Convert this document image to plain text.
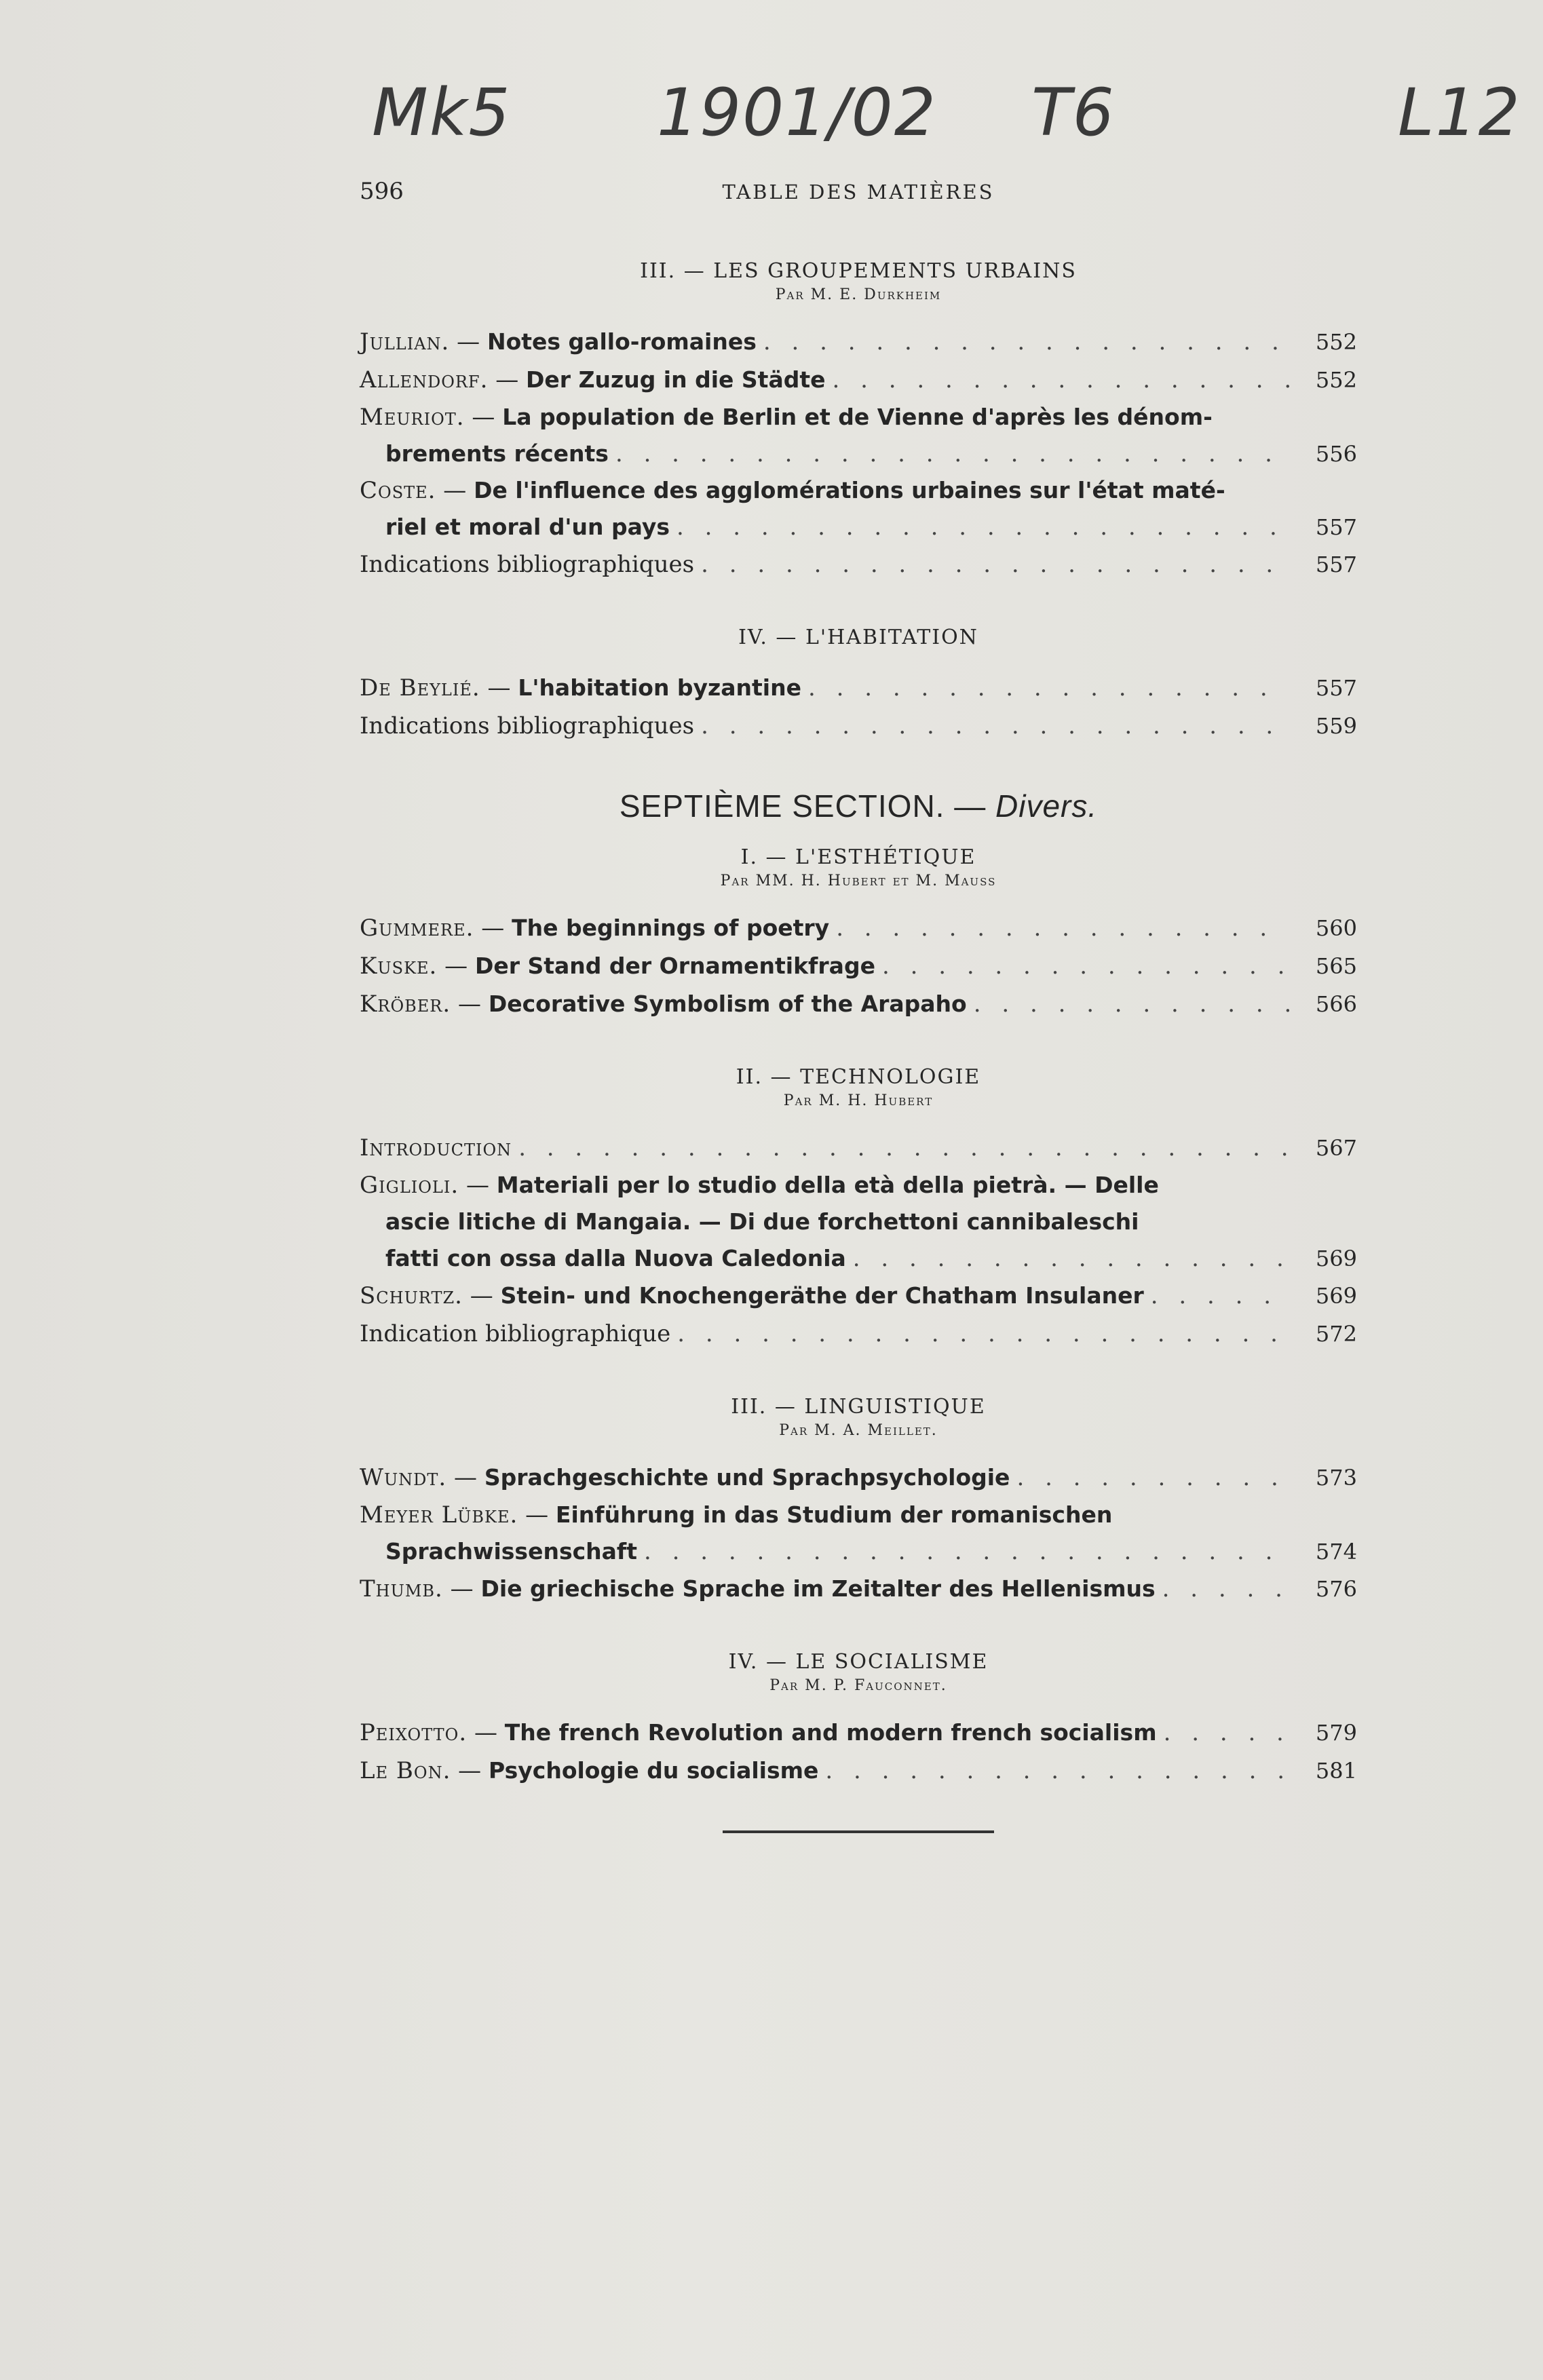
Mk5 1901/02 T6	L12
596	TABLE DES MATIÈRES
III. — LES GROUPEMENTS URBAINS
Par M. E. Durkheim
Jullian. — Notes gallo-romaines . . .	552
Allendorf. — Der Zuzug in die Städte . . .	552
Meuriot. — La population de Berlin et de Vienne d'après les dénom-
brements récents . . .	556
Coste. — De l'influence des agglomérations urbaines sur l'état maté-
riel et moral d'un pays . . .	557
Indications bibliographiques . . .	557
IV. — L'HABITATION
De Beylié. — L'habitation byzantine . . .	557
Indications bibliographiques . . .	559
SEPTIÈME SECTION. — Divers.
I. — L'ESTHÉTIQUE
Par MM. H. Hubert et M. Mauss
Gummere. — The beginnings of poetry . . .	560
Kuske. — Der Stand der Ornamentikfrage . . .	565
Kröber. — Decorative Symbolism of the Arapaho . . .	566
II. — TECHNOLOGIE
Par M. H. Hubert
Introduction . . .	567
Giglioli. — Materiali per lo studio della età della pietrà. — Delle
ascie litiche di Mangaia. — Di due forchettoni cannibaleschi
fatti con ossa dalla Nuova Caledonia . . .	569
Schurtz. — Stein- und Knochengeräthe der Chatham Insulaner . . .	569
Indication bibliographique . . .	572
III. — LINGUISTIQUE
Par M. A. Meillet.
Wundt. — Sprachgeschichte und Sprachpsychologie . . .	573
Meyer Lübke. — Einführung in das Studium der romanischen
Sprachwissenschaft . . .	574
Thumb. — Die griechische Sprache im Zeitalter des Hellenismus . . .	576
IV. — LE SOCIALISME
Par M. P. Fauconnet.
Peixotto. — The french Revolution and modern french socialism . . .	579
Le Bon. — Psychologie du socialisme . . .	581
